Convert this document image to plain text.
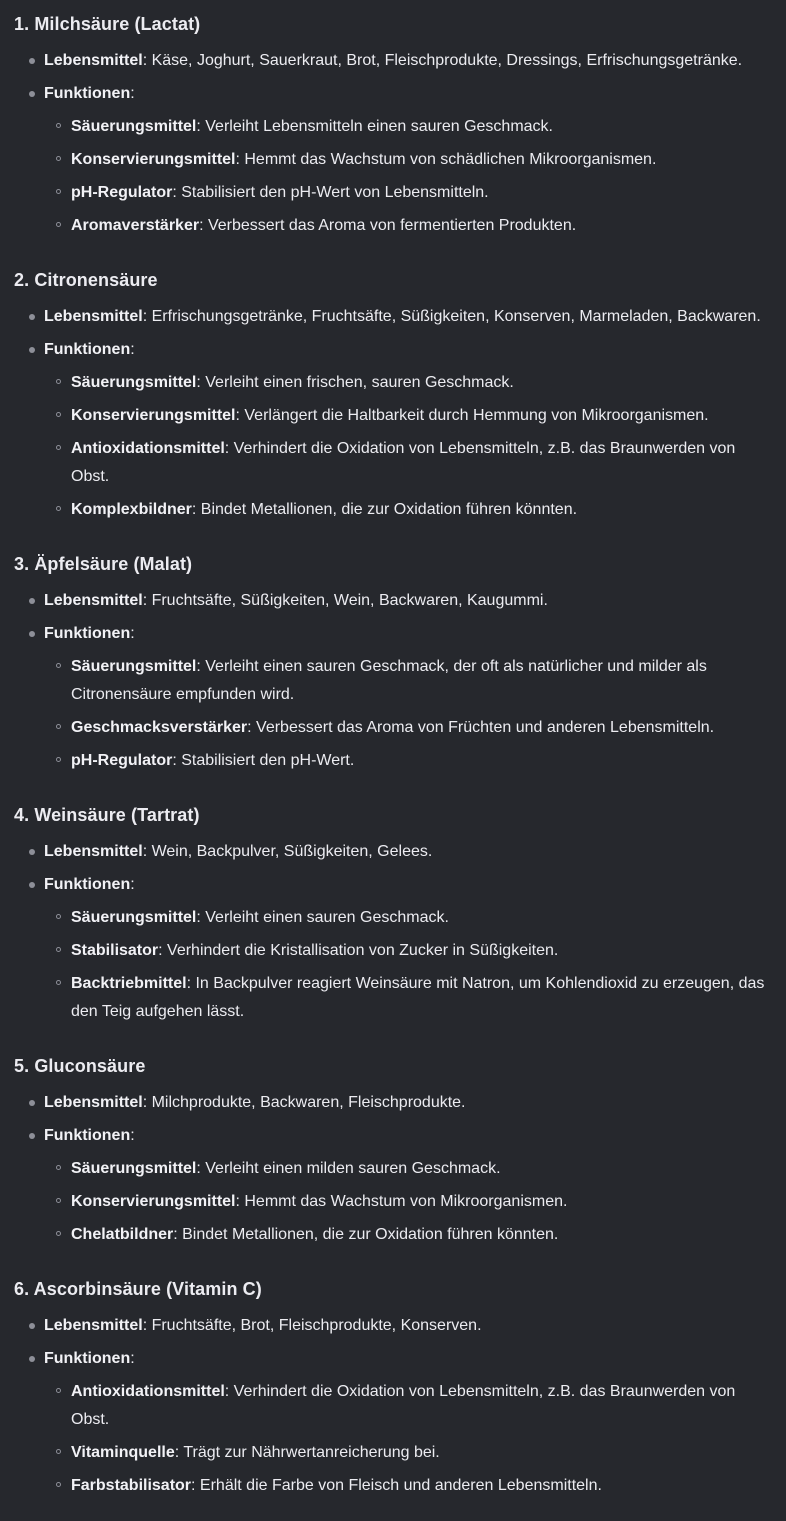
1. Milchsäure (Lactat)
Lebensmittel: Käse, Joghurt, Sauerkraut, Brot, Fleischprodukte, Dressings, Erfrischungsgetränke.
Funktionen:
Säuerungsmittel: Verleiht Lebensmitteln einen sauren Geschmack.
Konservierungsmittel: Hemmt das Wachstum von schädlichen Mikroorganismen.
pH-Regulator: Stabilisiert den pH-Wert von Lebensmitteln.
Aromaverstärker: Verbessert das Aroma von fermentierten Produkten.
2. Citronensäure
Lebensmittel: Erfrischungsgetränke, Fruchtsäfte, Süßigkeiten, Konserven, Marmeladen, Backwaren.
Funktionen:
Säuerungsmittel: Verleiht einen frischen, sauren Geschmack.
Konservierungsmittel: Verlängert die Haltbarkeit durch Hemmung von Mikroorganismen.
Antioxidationsmittel: Verhindert die Oxidation von Lebensmitteln, z.B. das Braunwerden von Obst.
Komplexbildner: Bindet Metallionen, die zur Oxidation führen könnten.
3. Äpfelsäure (Malat)
Lebensmittel: Fruchtsäfte, Süßigkeiten, Wein, Backwaren, Kaugummi.
Funktionen:
Säuerungsmittel: Verleiht einen sauren Geschmack, der oft als natürlicher und milder als Citronensäure empfunden wird.
Geschmacksverstärker: Verbessert das Aroma von Früchten und anderen Lebensmitteln.
pH-Regulator: Stabilisiert den pH-Wert.
4. Weinsäure (Tartrat)
Lebensmittel: Wein, Backpulver, Süßigkeiten, Gelees.
Funktionen:
Säuerungsmittel: Verleiht einen sauren Geschmack.
Stabilisator: Verhindert die Kristallisation von Zucker in Süßigkeiten.
Backtriebmittel: In Backpulver reagiert Weinsäure mit Natron, um Kohlendioxid zu erzeugen, das den Teig aufgehen lässt.
5. Gluconsäure
Lebensmittel: Milchprodukte, Backwaren, Fleischprodukte.
Funktionen:
Säuerungsmittel: Verleiht einen milden sauren Geschmack.
Konservierungsmittel: Hemmt das Wachstum von Mikroorganismen.
Chelatbildner: Bindet Metallionen, die zur Oxidation führen könnten.
6. Ascorbinsäure (Vitamin C)
Lebensmittel: Fruchtsäfte, Brot, Fleischprodukte, Konserven.
Funktionen:
Antioxidationsmittel: Verhindert die Oxidation von Lebensmitteln, z.B. das Braunwerden von Obst.
Vitaminquelle: Trägt zur Nährwertanreicherung bei.
Farbstabilisator: Erhält die Farbe von Fleisch und anderen Lebensmitteln.
